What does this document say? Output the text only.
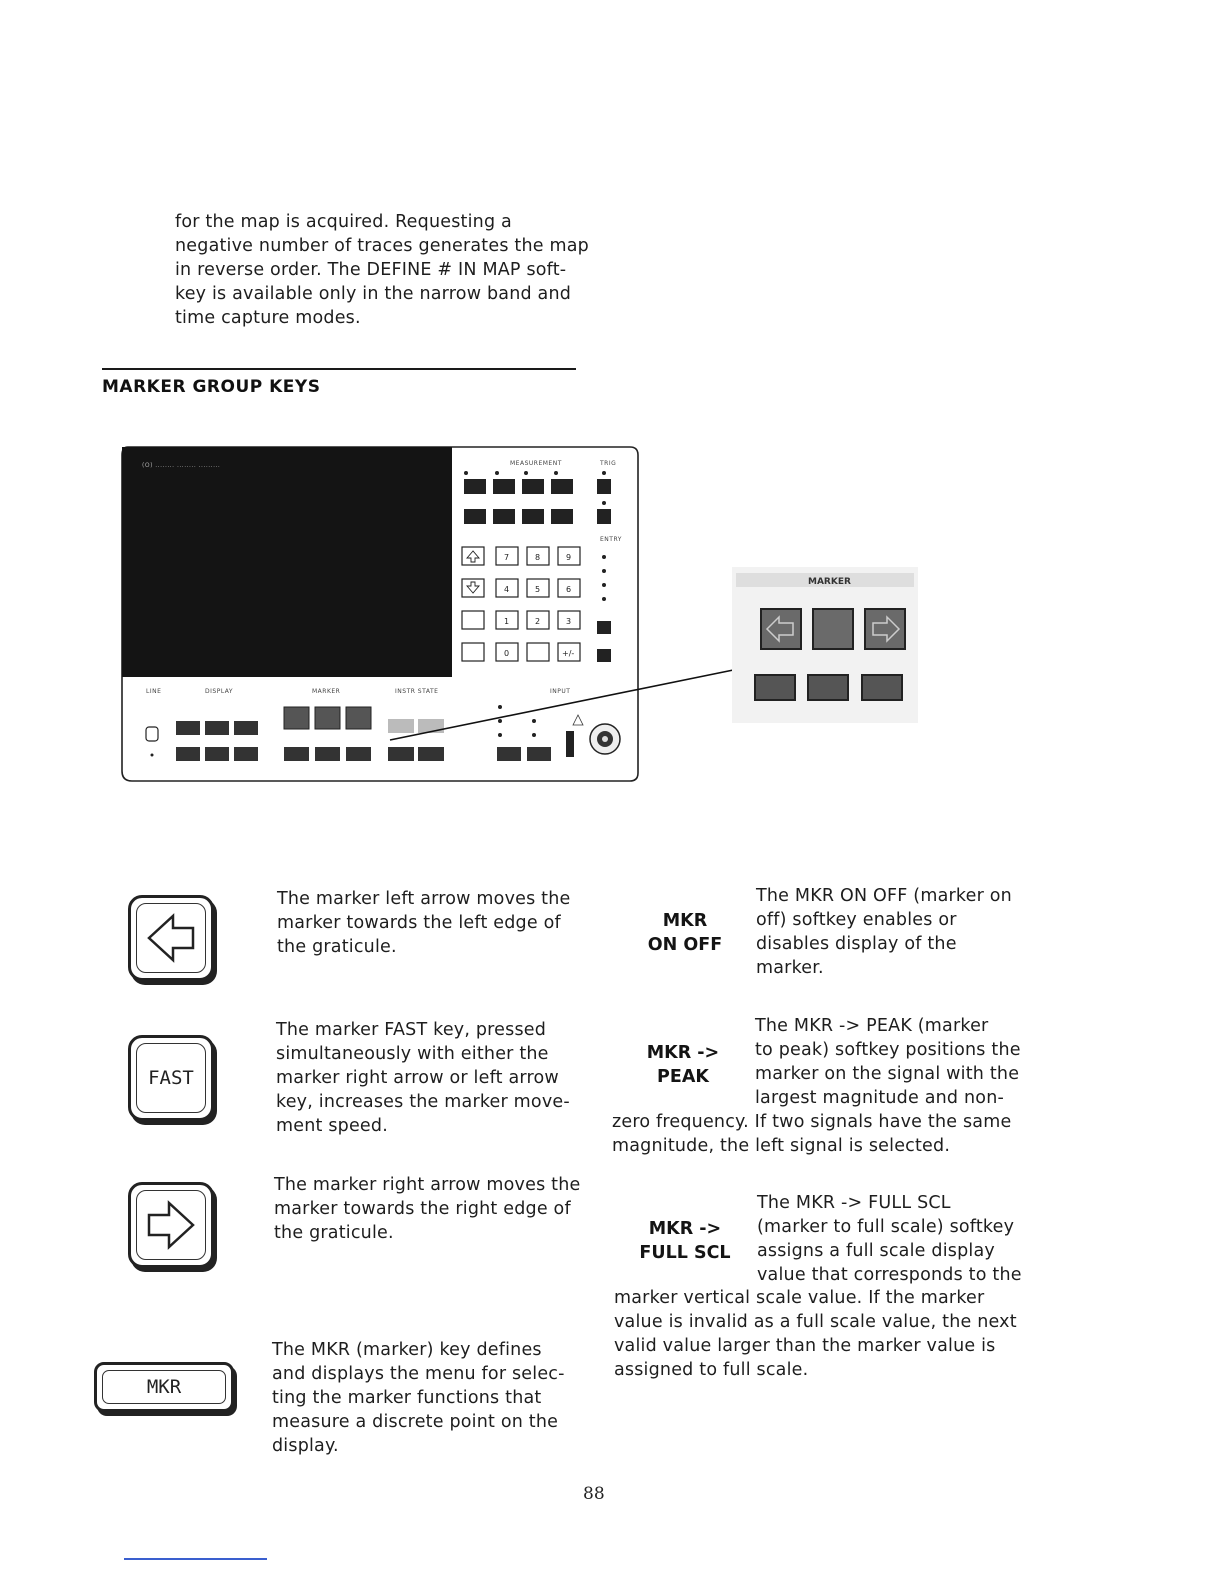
for the map is acquired. Requesting a
negative number of traces generates the map
in reverse order. The DEFINE # IN MAP soft-
key is available only in the narrow band and
time capture modes.
MARKER GROUP KEYS
(O) ........ ........ .........	MEASUREMENT	TRIG
7	8	9
4	5	6
1	2	3
0	+/-
ENTRY
LINE	DISPLAY	MARKER	INSTR STATE	INPUT
MARKER
FAST
MKR
The marker left arrow moves the
marker towards the left edge of
the graticule.
The marker FAST key, pressed
simultaneously with either the
marker right arrow or left arrow
key, increases the marker move-
ment speed.
The marker right arrow moves the
marker towards the right edge of
the graticule.
The MKR (marker) key defines
and displays the menu for selec-
ting the marker functions that
measure a discrete point on the
display.
MKR
ON OFF
The MKR ON OFF (marker on
off) softkey enables or
disables display of the
marker.
MKR ->
PEAK
The MKR -> PEAK (marker
to peak) softkey positions the
marker on the signal with the
largest magnitude and non-
zero frequency. If two signals have the same
magnitude, the left signal is selected.
MKR ->
FULL SCL
The MKR -> FULL SCL
(marker to full scale) softkey
assigns a full scale display
value that corresponds to the
marker vertical scale value. If the marker
value is invalid as a full scale value, the next
valid value larger than the marker value is
assigned to full scale.
88
